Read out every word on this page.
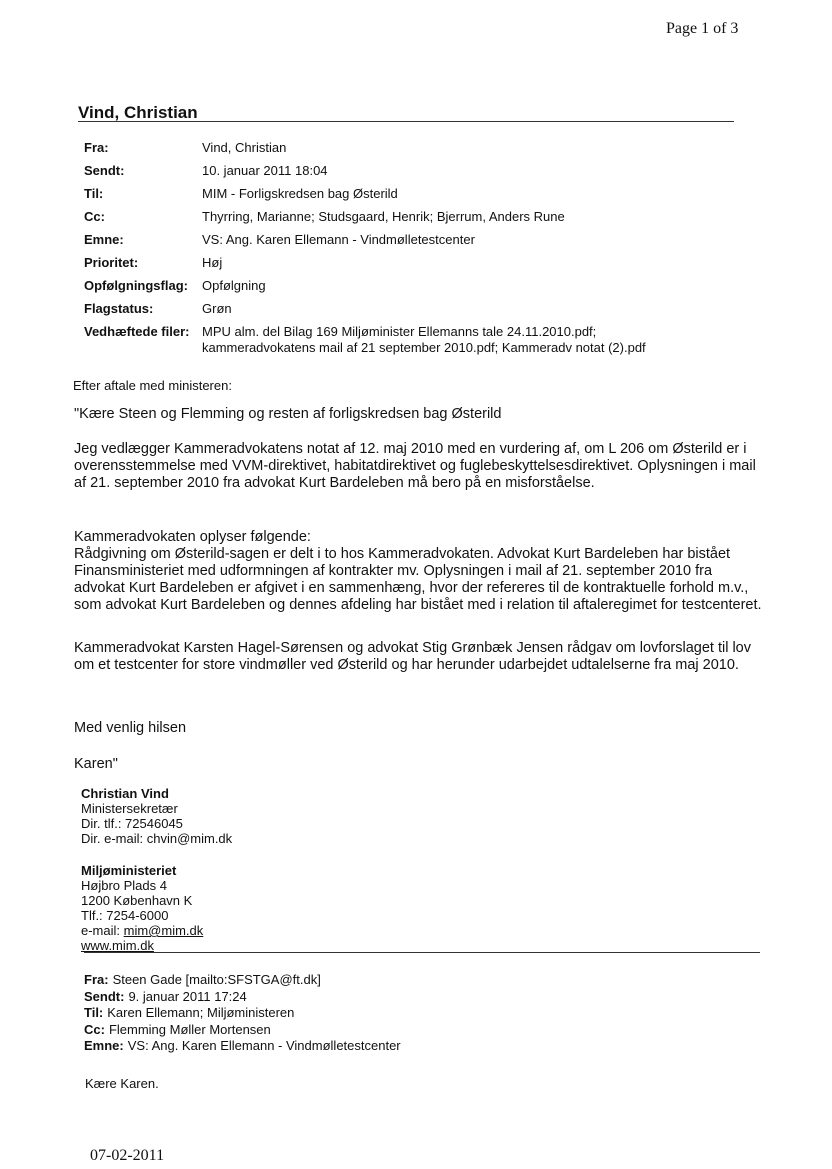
Page 1 of 3
Vind, Christian
Fra:	Vind, Christian
Sendt:	10. januar 2011 18:04
Til:	MIM - Forligskredsen bag Østerild
Cc:	Thyrring, Marianne; Studsgaard, Henrik; Bjerrum, Anders Rune
Emne:	VS: Ang. Karen Ellemann - Vindmølletestcenter
Prioritet:	Høj
Opfølgningsflag:	Opfølgning
Flagstatus:	Grøn
Vedhæftede filer: MPU alm. del Bilag 169 Miljøminister Ellemanns tale 24.11.2010.pdf;
kammeradvokatens mail af 21 september 2010.pdf; Kammeradv notat (2).pdf
Efter aftale med ministeren:
"Kære Steen og Flemming og resten af forligskredsen bag Østerild

Jeg vedlægger Kammeradvokatens notat af 12. maj 2010 med en vurdering af, om L 206 om Østerild er i overensstemmelse med VVM-direktivet, habitatdirektivet og fuglebeskyttelsesdirektivet. Oplysningen i mail af 21. september 2010 fra advokat Kurt Bardeleben må bero på en misforståelse.

Kammeradvokaten oplyser følgende:

Rådgivning om Østerild-sagen er delt i to hos Kammeradvokaten. Advokat Kurt Bardeleben har bistået Finansministeriet med udformningen af kontrakter mv. Oplysningen i mail af 21. september 2010 fra advokat Kurt Bardeleben er afgivet i en sammenhæng, hvor der refereres til de kontraktuelle forhold m.v., som advokat Kurt Bardeleben og dennes afdeling har bistået med i relation til aftaleregimet for testcenteret.

Kammeradvokat Karsten Hagel-Sørensen og advokat Stig Grønbæk Jensen rådgav om lovforslaget til lov om et testcenter for store vindmøller ved Østerild og har herunder udarbejdet udtalelserne fra maj 2010.

Med venlig hilsen
Karen"
Christian Vind
Ministersekretær
Dir. tlf.: 72546045
Dir. e-mail: chvin@mim.dk
Miljøministeriet
Højbro Plads 4
1200 København K
Tlf.: 7254-6000
e-mail: mim@mim.dk
www.mim.dk
Fra: Steen Gade [mailto:SFSTGA@ft.dk]
Sendt: 9. januar 2011 17:24
Til: Karen Ellemann; Miljøministeren
Cc: Flemming Møller Mortensen
Emne: VS: Ang. Karen Ellemann - Vindmølletestcenter
Kære Karen.
07-02-2011
